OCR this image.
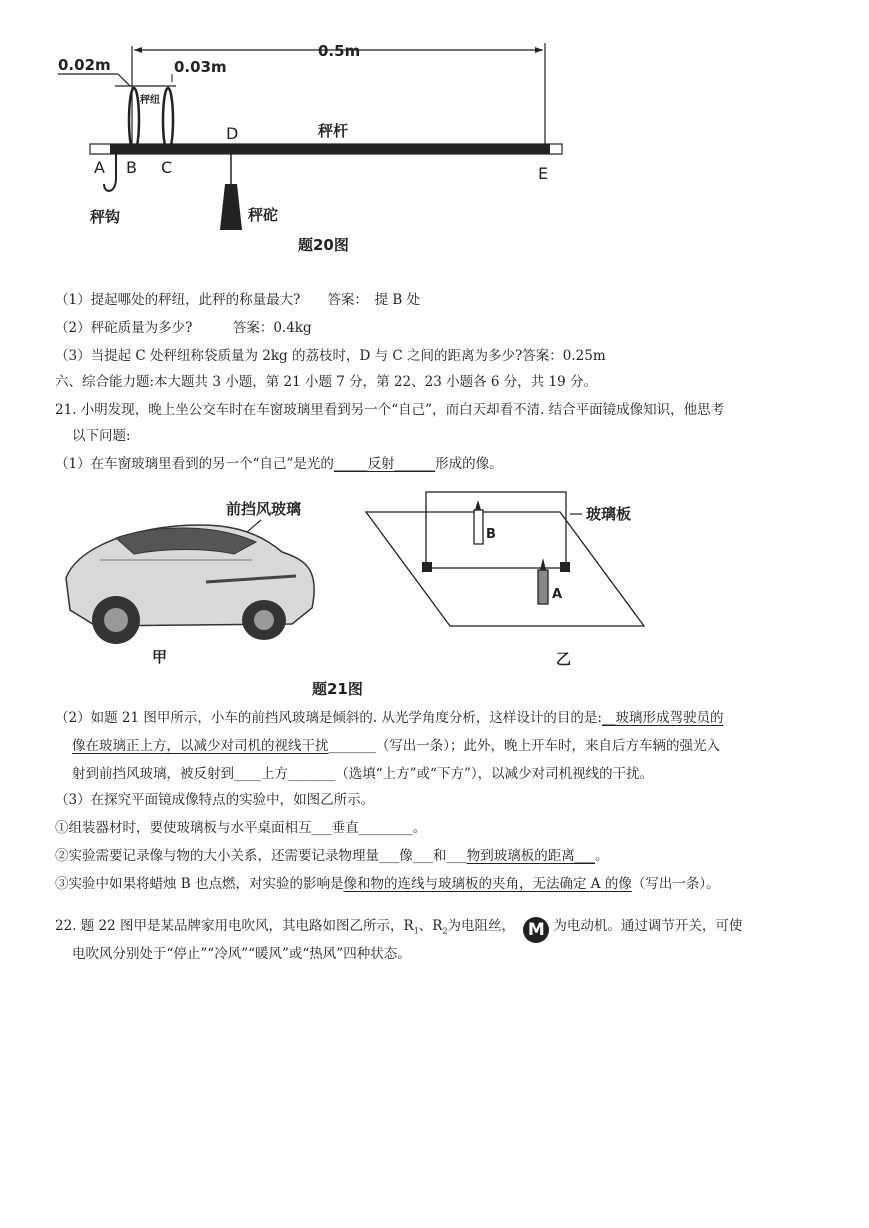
0.5m
0.02m	0.03m
秤纽
秤杆
秤钩	秤砣
A B C
D
E
题20图
（1）提起哪处的秤纽，此秤的称量最大?　　答案：　提 B 处
（2）秤砣质量为多少?　　　答案：0.4kg
（3）当提起 C 处秤纽称袋质量为 2kg 的荔枝时，D 与 C 之间的距离为多少?答案：0.25m
六、综合能力题:本大题共 3 小题，第 21 小题 7 分，第 22、23 小题各 6 分，共 19 分。
21. 小明发现，晚上坐公交车时在车窗玻璃里看到另一个“自己”，而白天却看不清. 结合平面镜成像知识，他思考
以下问题:
（1）在车窗玻璃里看到的另一个“自己”是光的_____反射______形成的像。
前挡风玻璃
甲
玻璃板
B
A
乙
题21图
（2）如题 21 图甲所示，小车的前挡风玻璃是倾斜的. 从光学角度分析，这样设计的目的是:__玻璃形成驾驶员的
像在玻璃正上方，以减少对司机的视线干扰_______（写出一条）；此外，晚上开车时，来自后方车辆的强光入
射到前挡风玻璃，被反射到____上方_______（选填“上方”或“下方”），以减少对司机视线的干扰。
（3）在探究平面镜成像特点的实验中，如图乙所示。
①组装器材时，要使玻璃板与水平桌面相互___垂直________。
②实验需要记录像与物的大小关系，还需要记录物理量___像___和___物到玻璃板的距离___。
③实验中如果将蜡烛 B 也点燃，对实验的影响是像和物的连线与玻璃板的夹角，无法确定 A 的像（写出一条）。
22. 题 22 图甲是某品牌家用电吹风，其电路如图乙所示，$R_1$、$R_2$为电阻丝， M 为电动机。通过调节开关，可使
电吹风分别处于“停止”“冷风”“暖风”或“热风”四种状态。
